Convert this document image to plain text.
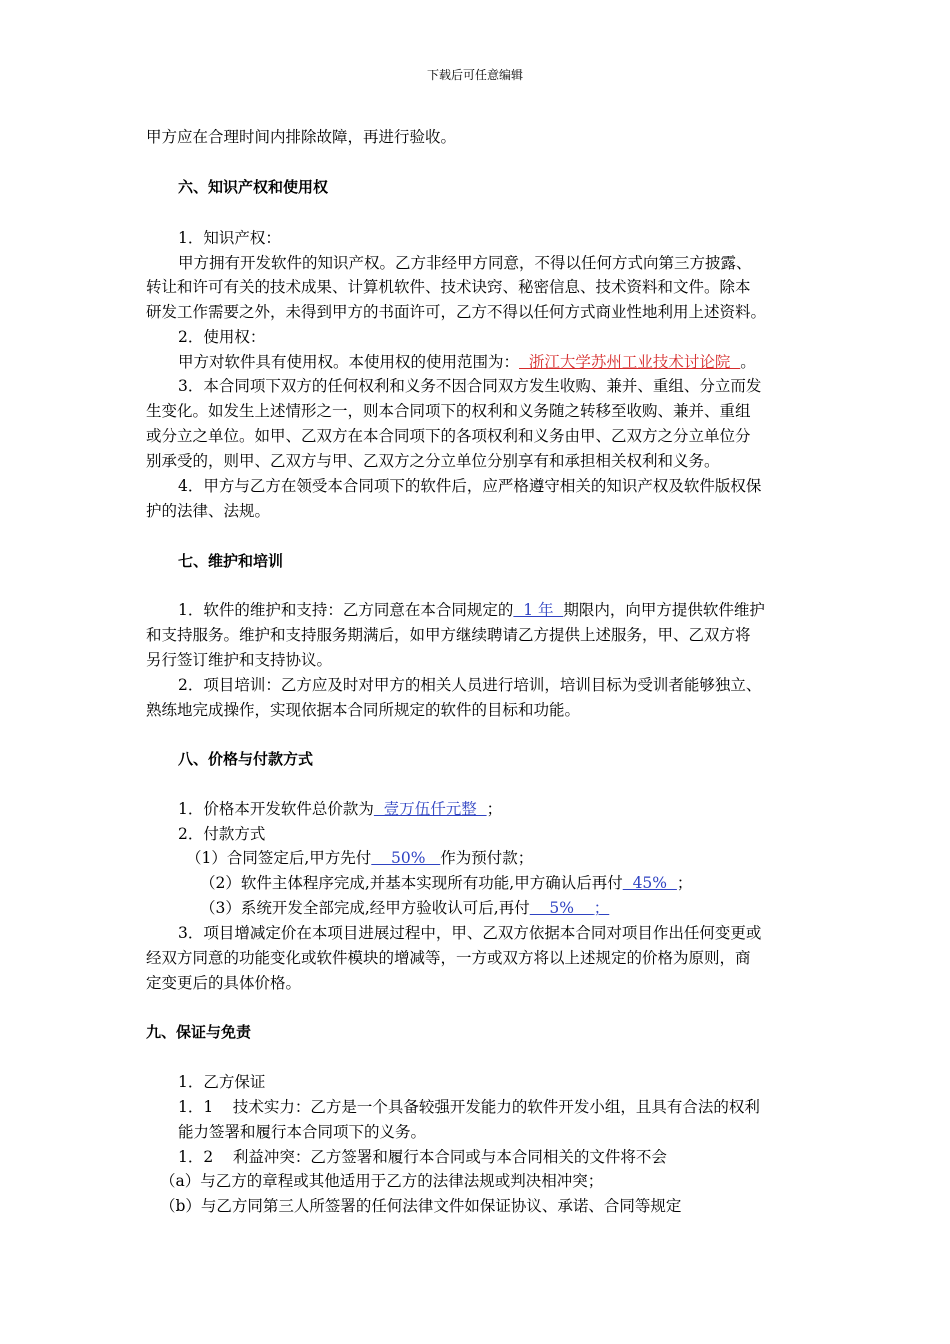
下载后可任意编辑
甲方应在合理时间内排除故障，再进行验收。
六、知识产权和使用权
1．知识产权：
甲方拥有开发软件的知识产权。乙方非经甲方同意，不得以任何方式向第三方披露、
转让和许可有关的技术成果、计算机软件、技术诀窍、秘密信息、技术资料和文件。除本
研发工作需要之外，未得到甲方的书面许可，乙方不得以任何方式商业性地利用上述资料。
2．使用权：
甲方对软件具有使用权。本使用权的使用范围为：  浙江大学苏州工业技术讨论院  。
3．本合同项下双方的任何权利和义务不因合同双方发生收购、兼并、重组、分立而发
生变化。如发生上述情形之一，则本合同项下的权利和义务随之转移至收购、兼并、重组
或分立之单位。如甲、乙双方在本合同项下的各项权利和义务由甲、乙双方之分立单位分
别承受的，则甲、乙双方与甲、乙双方之分立单位分别享有和承担相关权利和义务。
4．甲方与乙方在领受本合同项下的软件后，应严格遵守相关的知识产权及软件版权保
护的法律、法规。
七、维护和培训
1．软件的维护和支持：乙方同意在本合同规定的  1 年  期限内，向甲方提供软件维护
和支持服务。维护和支持服务期满后，如甲方继续聘请乙方提供上述服务，甲、乙双方将
另行签订维护和支持协议。
2．项目培训：乙方应及时对甲方的相关人员进行培训，培训目标为受训者能够独立、
熟练地完成操作，实现依据本合同所规定的软件的目标和功能。
八、价格与付款方式
1．价格本开发软件总价款为  壹万伍仟元整  ；
2．付款方式
（1）合同签定后,甲方先付    50%   作为预付款；
（2）软件主体程序完成,并基本实现所有功能,甲方确认后再付  45%  ；
（3）系统开发全部完成,经甲方验收认可后,再付    5%    ；
3．项目增减定价在本项目进展过程中，甲、乙双方依据本合同对项目作出任何变更或
经双方同意的功能变化或软件模块的增减等，一方或双方将以上述规定的价格为原则，商
定变更后的具体价格。
九、保证与免责
1．乙方保证
1．1    技术实力：乙方是一个具备较强开发能力的软件开发小组，且具有合法的权利
能力签署和履行本合同项下的义务。
1．2    利益冲突：乙方签署和履行本合同或与本合同相关的文件将不会
（a）与乙方的章程或其他适用于乙方的法律法规或判决相冲突；
（b）与乙方同第三人所签署的任何法律文件如保证协议、承诺、合同等规定
